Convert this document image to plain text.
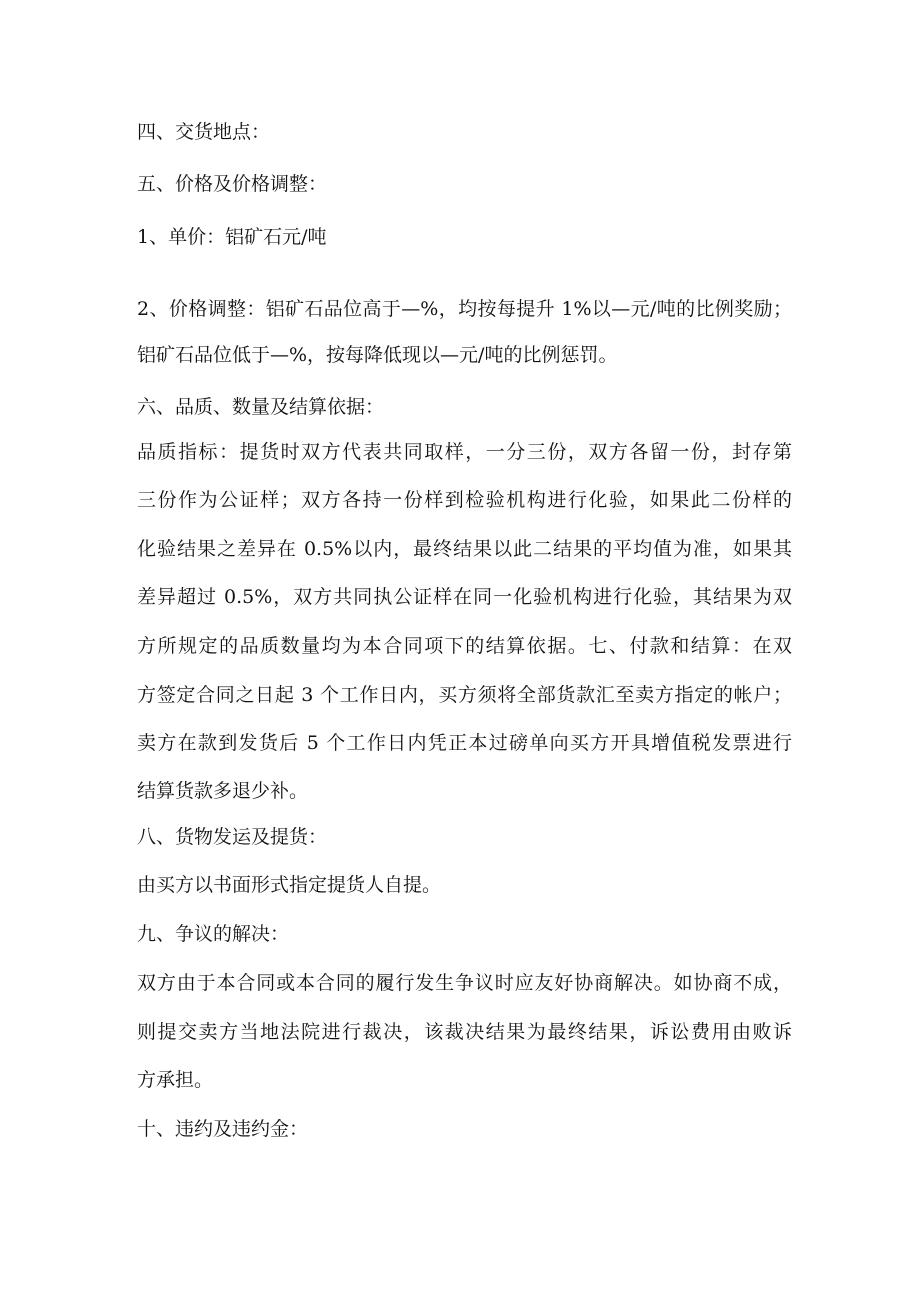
四、交货地点：
五、价格及价格调整：
1、单价：铝矿石元/吨
2、价格调整：铝矿石品位高于—%，均按每提升 1%以—元/吨的比例奖励；
铝矿石品位低于—%，按每降低现以—元/吨的比例惩罚。
六、品质、数量及结算依据：
品质指标：提货时双方代表共同取样，一分三份，双方各留一份，封存第
三份作为公证样；双方各持一份样到检验机构进行化验，如果此二份样的
化验结果之差异在 0.5%以内，最终结果以此二结果的平均值为准，如果其
差异超过 0.5%，双方共同执公证样在同一化验机构进行化验，其结果为双
方所规定的品质数量均为本合同项下的结算依据。七、付款和结算：在双
方签定合同之日起 3 个工作日内，买方须将全部货款汇至卖方指定的帐户；
卖方在款到发货后 5 个工作日内凭正本过磅单向买方开具增值税发票进行
结算货款多退少补。
八、货物发运及提货：
由买方以书面形式指定提货人自提。
九、争议的解决：
双方由于本合同或本合同的履行发生争议时应友好协商解决。如协商不成，
则提交卖方当地法院进行裁决，该裁决结果为最终结果，诉讼费用由败诉
方承担。
十、违约及违约金：
